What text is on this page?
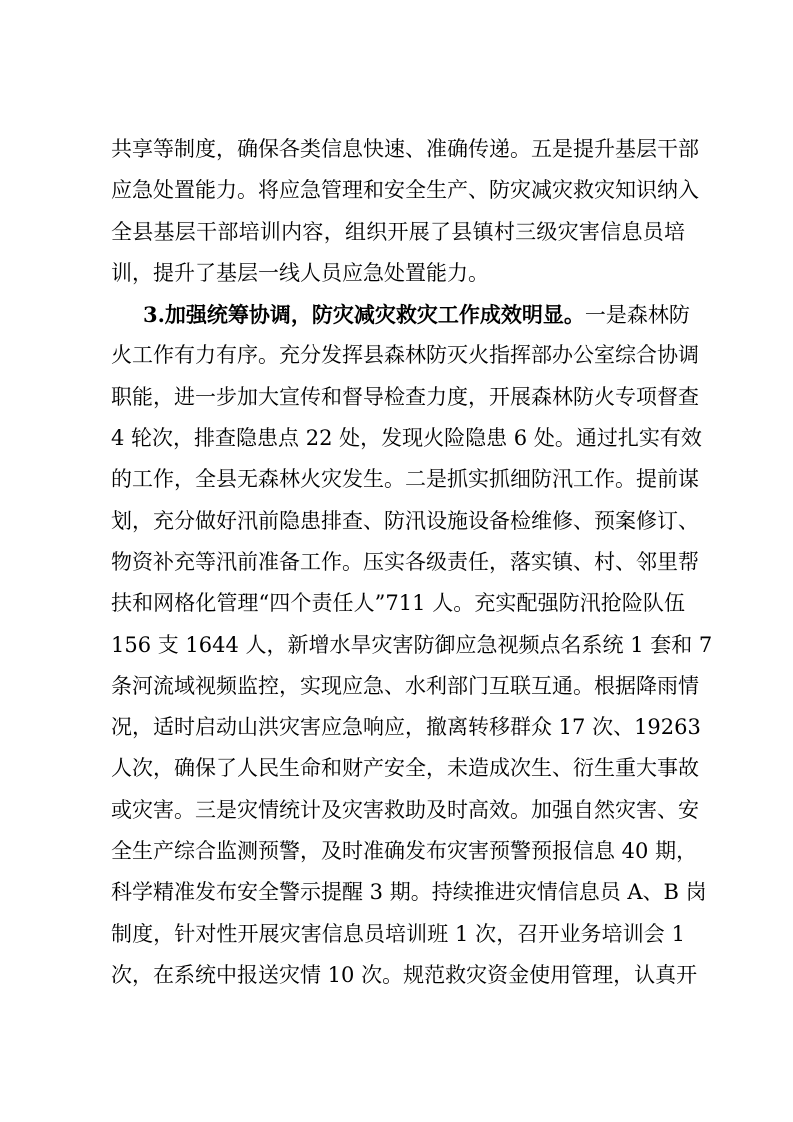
共享等制度，确保各类信息快速、准确传递。五是提升基层干部
应急处置能力。将应急管理和安全生产、防灾减灾救灾知识纳入
全县基层干部培训内容，组织开展了县镇村三级灾害信息员培
训，提升了基层一线人员应急处置能力。
3.加强统筹协调，防灾减灾救灾工作成效明显。一是森林防
火工作有力有序。充分发挥县森林防灭火指挥部办公室综合协调
职能，进一步加大宣传和督导检查力度，开展森林防火专项督查
4 轮次，排查隐患点 22 处，发现火险隐患 6 处。通过扎实有效
的工作，全县无森林火灾发生。二是抓实抓细防汛工作。提前谋
划，充分做好汛前隐患排查、防汛设施设备检维修、预案修订、
物资补充等汛前准备工作。压实各级责任，落实镇、村、邻里帮
扶和网格化管理“四个责任人”711 人。充实配强防汛抢险队伍
156 支 1644 人，新增水旱灾害防御应急视频点名系统 1 套和 7
条河流域视频监控，实现应急、水利部门互联互通。根据降雨情
况，适时启动山洪灾害应急响应，撤离转移群众 17 次、19263
人次，确保了人民生命和财产安全，未造成次生、衍生重大事故
或灾害。三是灾情统计及灾害救助及时高效。加强自然灾害、安
全生产综合监测预警，及时准确发布灾害预警预报信息 40 期，
科学精准发布安全警示提醒 3 期。持续推进灾情信息员 A、B 岗
制度，针对性开展灾害信息员培训班 1 次，召开业务培训会 1
次，在系统中报送灾情 10 次。规范救灾资金使用管理，认真开
